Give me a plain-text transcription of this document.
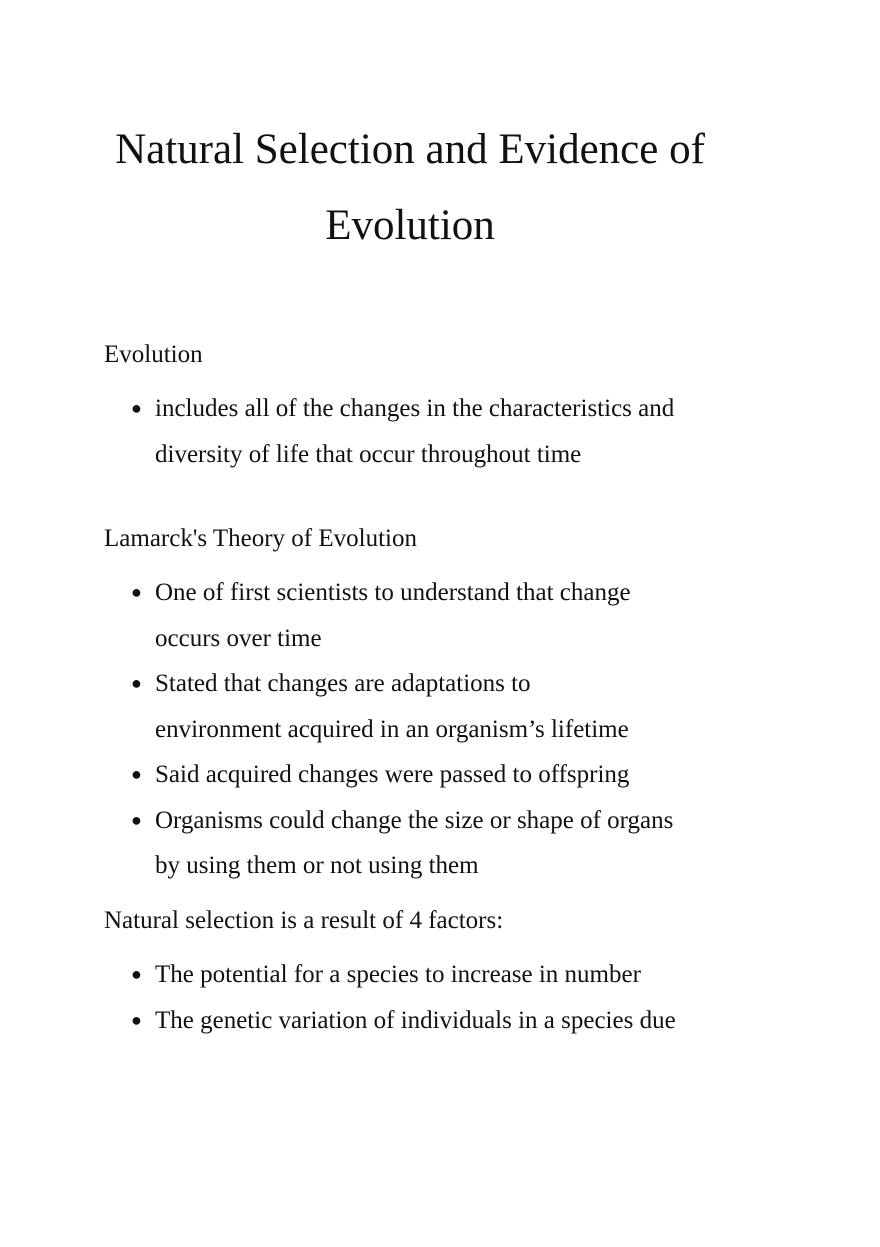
Natural Selection and Evidence of
Evolution

Evolution

● includes all of the changes in the characteristics and
diversity of life that occur throughout time

Lamarck's Theory of Evolution

● One of first scientists to understand that change
occurs over time
● Stated that changes are adaptations to
environment acquired in an organism’s lifetime
● Said acquired changes were passed to offspring
● Organisms could change the size or shape of organs
by using them or not using them

Natural selection is a result of 4 factors:

● The potential for a species to increase in number
● The genetic variation of individuals in a species due
